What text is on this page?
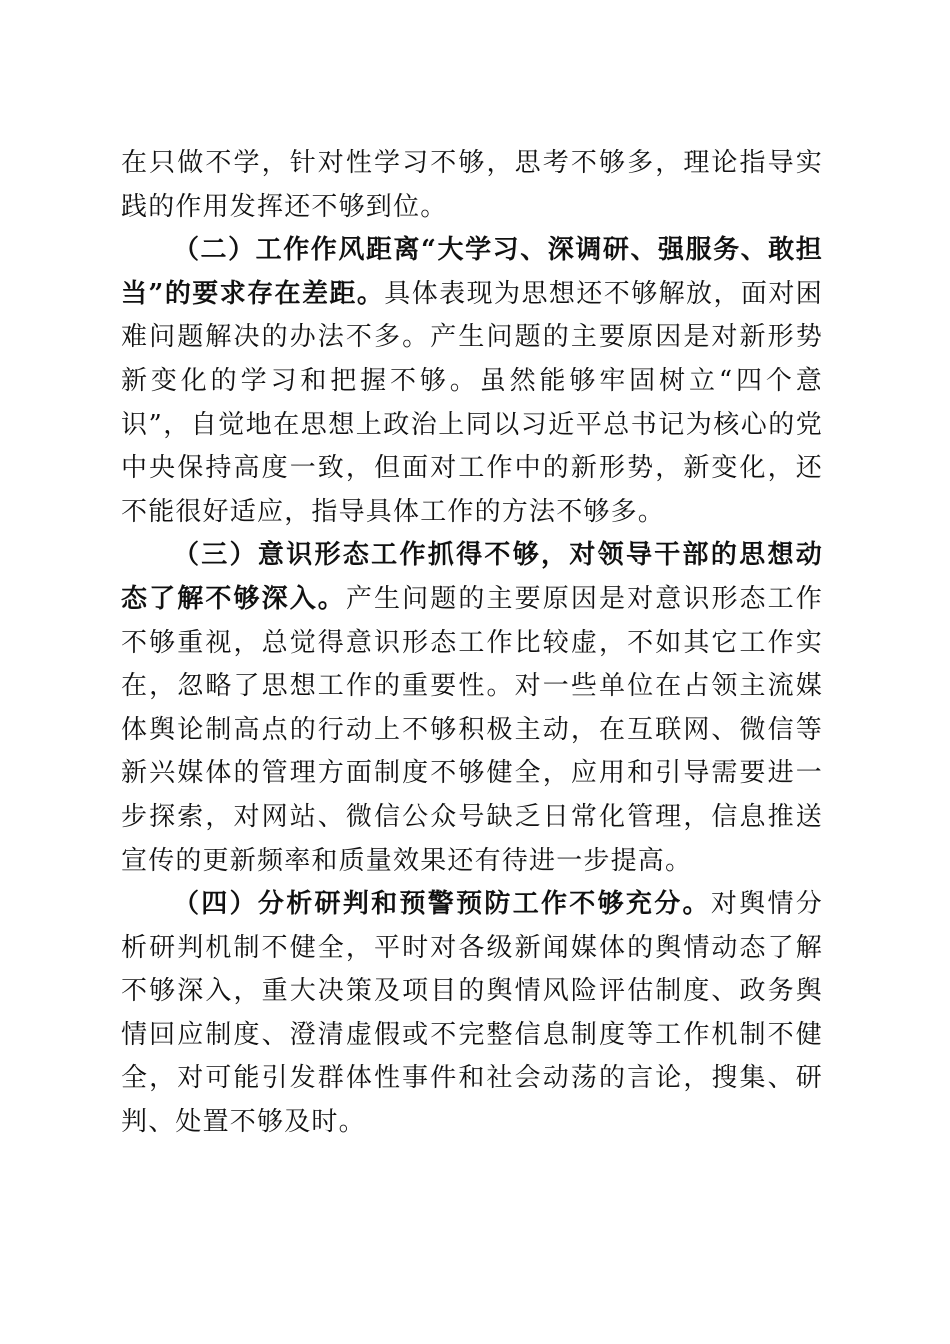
在只做不学，针对性学习不够，思考不够多，理论指导实践的作用发挥还不够到位。

（二）工作作风距离“大学习、深调研、强服务、敢担当”的要求存在差距。具体表现为思想还不够解放，面对困难问题解决的办法不多。产生问题的主要原因是对新形势新变化的学习和把握不够。虽然能够牢固树立“四个意识”，自觉地在思想上政治上同以习近平总书记为核心的党中央保持高度一致，但面对工作中的新形势，新变化，还不能很好适应，指导具体工作的方法不够多。

（三）意识形态工作抓得不够，对领导干部的思想动态了解不够深入。产生问题的主要原因是对意识形态工作不够重视，总觉得意识形态工作比较虚，不如其它工作实在，忽略了思想工作的重要性。对一些单位在占领主流媒体舆论制高点的行动上不够积极主动，在互联网、微信等新兴媒体的管理方面制度不够健全，应用和引导需要进一步探索，对网站、微信公众号缺乏日常化管理，信息推送宣传的更新频率和质量效果还有待进一步提高。

（四）分析研判和预警预防工作不够充分。对舆情分析研判机制不健全，平时对各级新闻媒体的舆情动态了解不够深入，重大决策及项目的舆情风险评估制度、政务舆情回应制度、澄清虚假或不完整信息制度等工作机制不健全，对可能引发群体性事件和社会动荡的言论，搜集、研判、处置不够及时。
